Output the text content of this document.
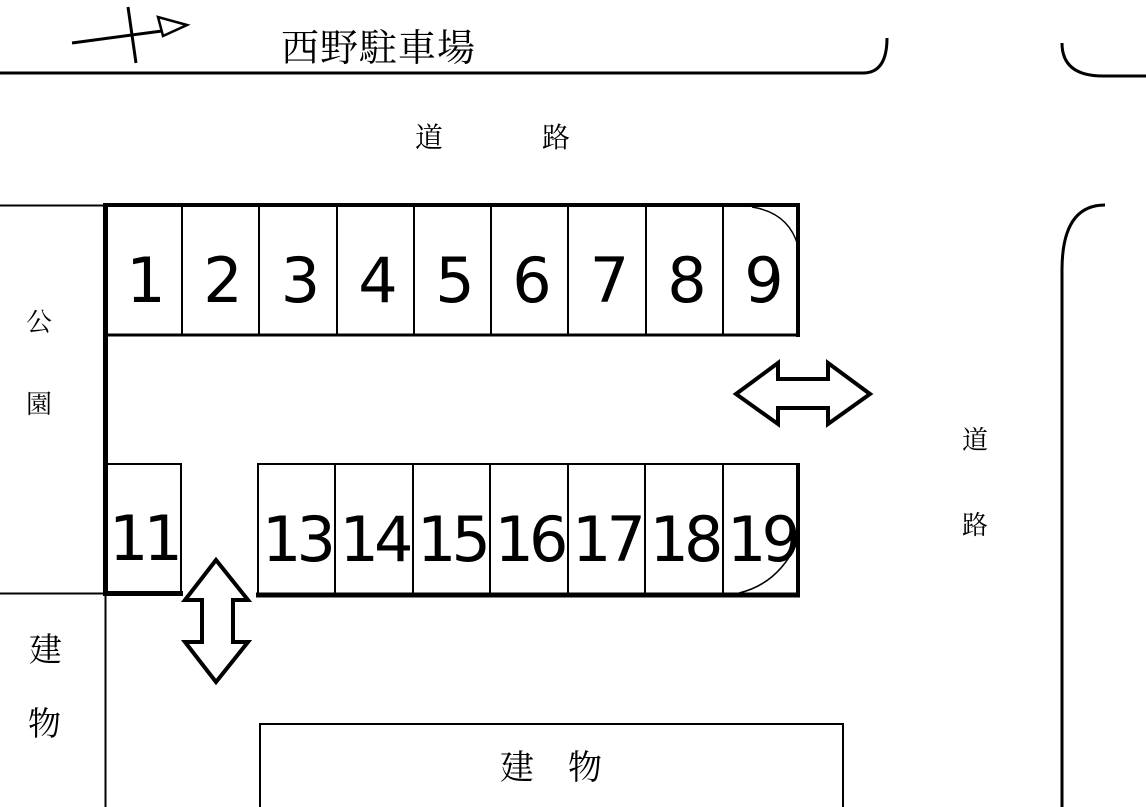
西野駐車場
道	路
道
路
公
園
建
物
建　物
1 2 3 4 5 6 7 8 9
11 13 14 15 16 17 18 19
